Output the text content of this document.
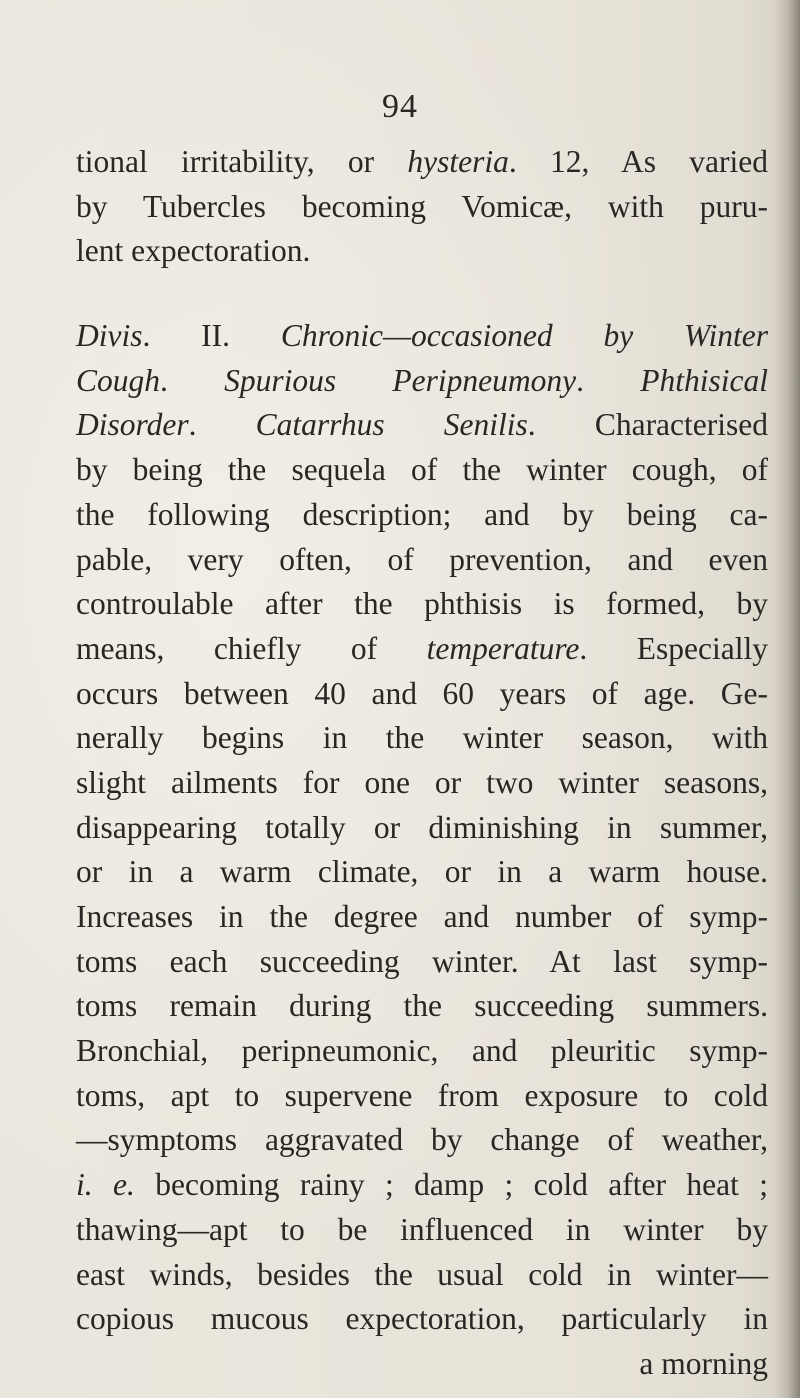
94
tional irritability, or hysteria. 12, As varied
by Tubercles becoming Vomicæ, with puru-
lent expectoration.
Divis. II. Chronic—occasioned by Winter
Cough. Spurious Peripneumony. Phthisical
Disorder. Catarrhus Senilis. Characterised
by being the sequela of the winter cough, of
the following description; and by being ca-
pable, very often, of prevention, and even
controulable after the phthisis is formed, by
means, chiefly of temperature. Especially
occurs between 40 and 60 years of age. Ge-
nerally begins in the winter season, with
slight ailments for one or two winter seasons,
disappearing totally or diminishing in summer,
or in a warm climate, or in a warm house.
Increases in the degree and number of symp-
toms each succeeding winter. At last symp-
toms remain during the succeeding summers.
Bronchial, peripneumonic, and pleuritic symp-
toms, apt to supervene from exposure to cold
—symptoms aggravated by change of weather,
i. e. becoming rainy ; damp ; cold after heat ;
thawing—apt to be influenced in winter by
east winds, besides the usual cold in winter—
copious mucous expectoration, particularly in
a morning
